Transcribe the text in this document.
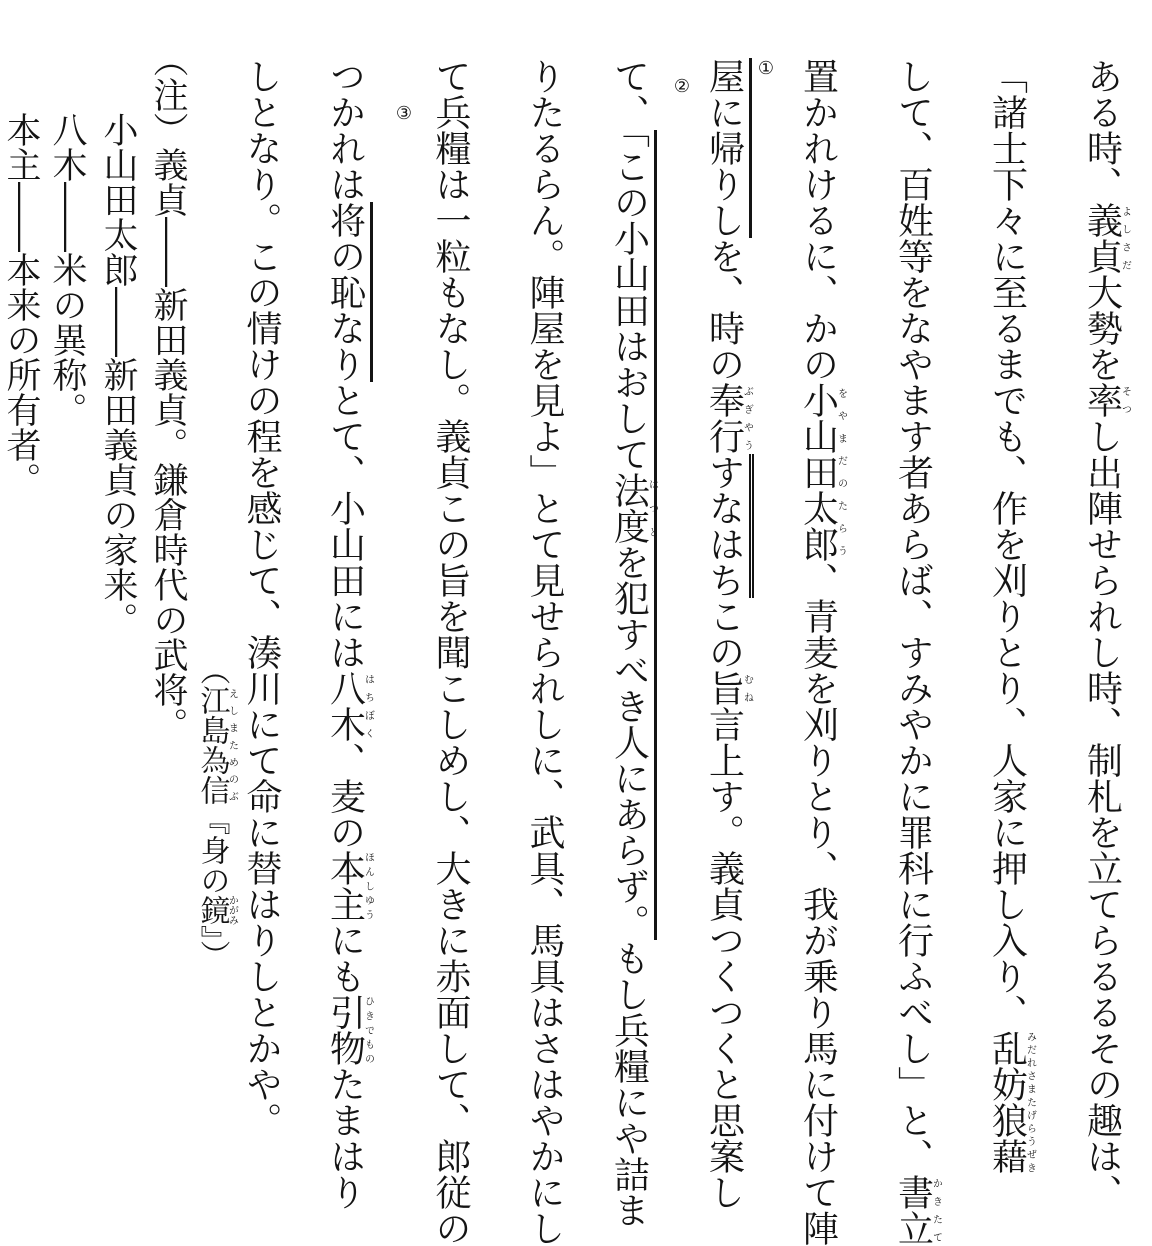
ある時、義貞よしさだ大勢を率そつし出陣せられし時、制札を立てらるるその趣は、
「諸士下々に至るまでも、作を刈りとり、人家に押し入り、乱妨狼藉みだれさまたげらうぜき
して、百姓等をなやます者あらば、すみやかに罪科に行ふべし」と、書立かきたて
置かれけるに、かの小山田太郎をやまだのたらう、青麦を刈りとり、我が乗り馬に付けて陣
屋に帰りしを、時の奉行ぶぎやうすなはちこの旨むね言上す。義貞つくつくと思案し
①
て、「この小山田はおして法度はつとを犯すべき人にあらず。もし兵糧にや詰ま
②
りたるらん。陣屋を見よ」とて見せられしに、武具、馬具はさはやかにし
て兵糧は一粒もなし。義貞この旨を聞こしめし、大きに赤面して、郎従の
つかれは将の恥なりとて、小山田には八木はちぼく、麦の本主ほんしゆうにも引物ひきでものたまはり
③
しとなり。この情けの程を感じて、湊川にて命に替はりしとかや。
（江島為信えしまためのぶ『身の鏡かがみ』）
（注）義貞――新田義貞。鎌倉時代の武将。
小山田太郎――新田義貞の家来。
八木――米の異称。
本主――本来の所有者。
